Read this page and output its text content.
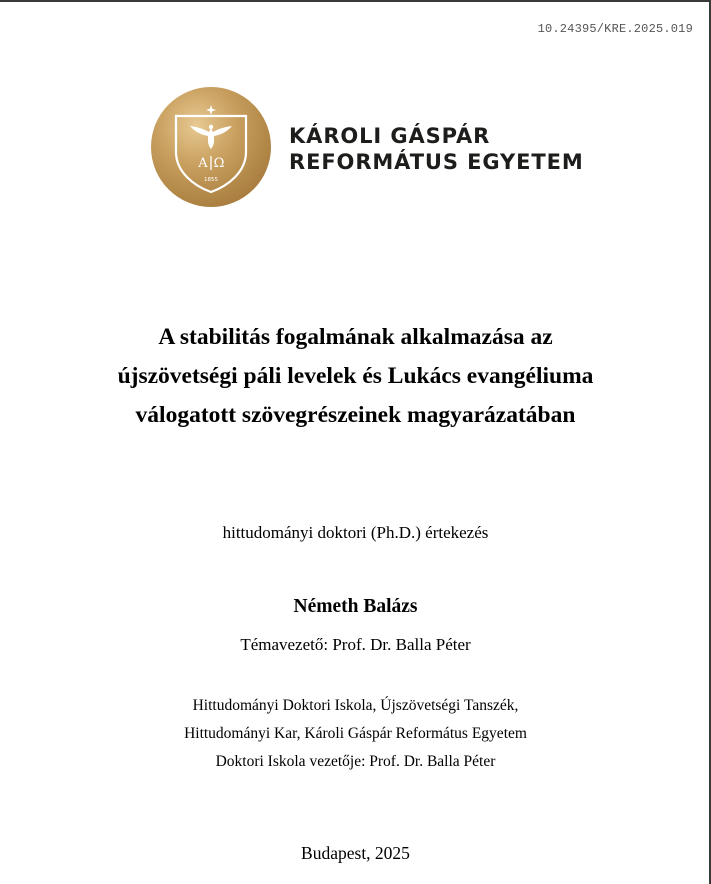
10.24395/KRE.2025.019
Α Ω
1855
KÁROLI GÁSPÁR
REFORMÁTUS EGYETEM
A stabilitás fogalmának alkalmazása az
újszövetségi páli levelek és Lukács evangéliuma
válogatott szövegrészeinek magyarázatában
hittudományi doktori (Ph.D.) értekezés
Németh Balázs
Témavezető: Prof. Dr. Balla Péter
Hittudományi Doktori Iskola, Újszövetségi Tanszék,
Hittudományi Kar, Károli Gáspár Református Egyetem
Doktori Iskola vezetője: Prof. Dr. Balla Péter
Budapest, 2025
